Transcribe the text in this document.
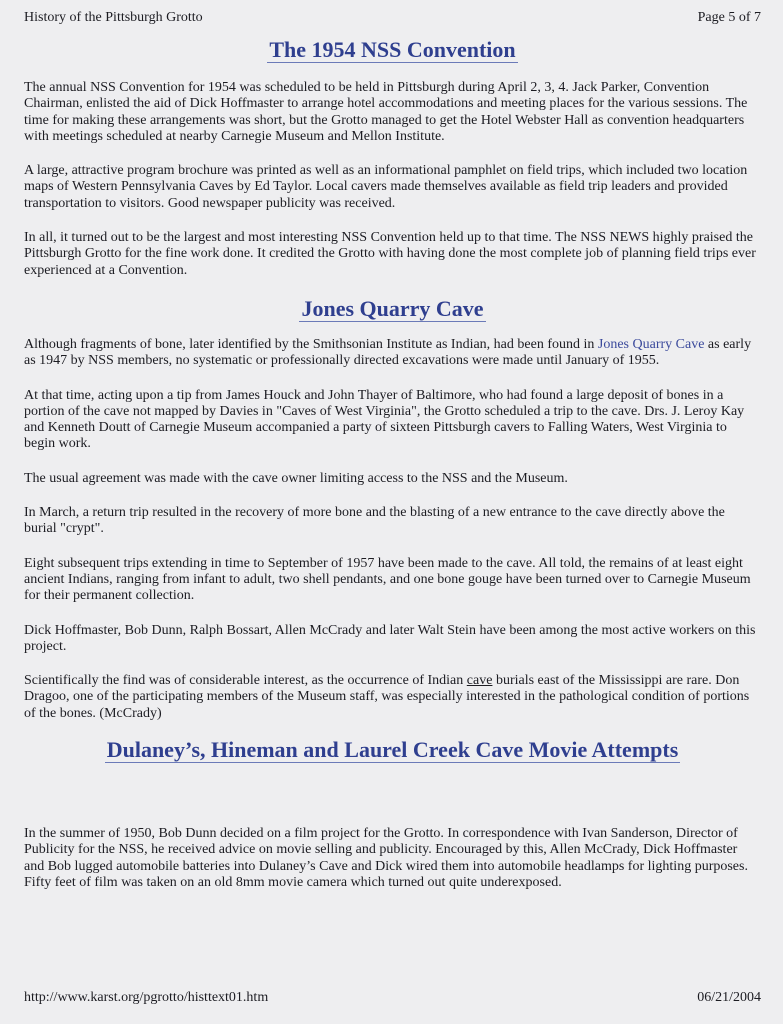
History of the Pittsburgh Grotto	Page 5 of 7
The 1954 NSS Convention

The annual NSS Convention for 1954 was scheduled to be held in Pittsburgh during April 2, 3, 4. Jack Parker, Convention Chairman, enlisted the aid of Dick Hoffmaster to arrange hotel accommodations and meeting places for the various sessions. The time for making these arrangements was short, but the Grotto managed to get the Hotel Webster Hall as convention headquarters with meetings scheduled at nearby Carnegie Museum and Mellon Institute.

A large, attractive program brochure was printed as well as an informational pamphlet on field trips, which included two location maps of Western Pennsylvania Caves by Ed Taylor. Local cavers made themselves available as field trip leaders and provided transportation to visitors. Good newspaper publicity was received.

In all, it turned out to be the largest and most interesting NSS Convention held up to that time. The NSS NEWS highly praised the Pittsburgh Grotto for the fine work done. It credited the Grotto with having done the most complete job of planning field trips ever experienced at a Convention.

Jones Quarry Cave

Although fragments of bone, later identified by the Smithsonian Institute as Indian, had been found in Jones Quarry Cave as early as 1947 by NSS members, no systematic or professionally directed excavations were made until January of 1955.

At that time, acting upon a tip from James Houck and John Thayer of Baltimore, who had found a large deposit of bones in a portion of the cave not mapped by Davies in "Caves of West Virginia", the Grotto scheduled a trip to the cave. Drs. J. Leroy Kay and Kenneth Doutt of Carnegie Museum accompanied a party of sixteen Pittsburgh cavers to Falling Waters, West Virginia to begin work.

The usual agreement was made with the cave owner limiting access to the NSS and the Museum.

In March, a return trip resulted in the recovery of more bone and the blasting of a new entrance to the cave directly above the burial "crypt".

Eight subsequent trips extending in time to September of 1957 have been made to the cave. All told, the remains of at least eight ancient Indians, ranging from infant to adult, two shell pendants, and one bone gouge have been turned over to Carnegie Museum for their permanent collection.

Dick Hoffmaster, Bob Dunn, Ralph Bossart, Allen McCrady and later Walt Stein have been among the most active workers on this project.

Scientifically the find was of considerable interest, as the occurrence of Indian cave burials east of the Mississippi are rare. Don Dragoo, one of the participating members of the Museum staff, was especially interested in the pathological condition of portions of the bones. (McCrady)

Dulaney’s, Hineman and Laurel Creek Cave Movie Attempts

In the summer of 1950, Bob Dunn decided on a film project for the Grotto. In correspondence with Ivan Sanderson, Director of Publicity for the NSS, he received advice on movie selling and publicity. Encouraged by this, Allen McCrady, Dick Hoffmaster and Bob lugged automobile batteries into Dulaney’s Cave and Dick wired them into automobile headlamps for lighting purposes. Fifty feet of film was taken on an old 8mm movie camera which turned out quite underexposed.

http://www.karst.org/pgrotto/histtext01.htm	06/21/2004
